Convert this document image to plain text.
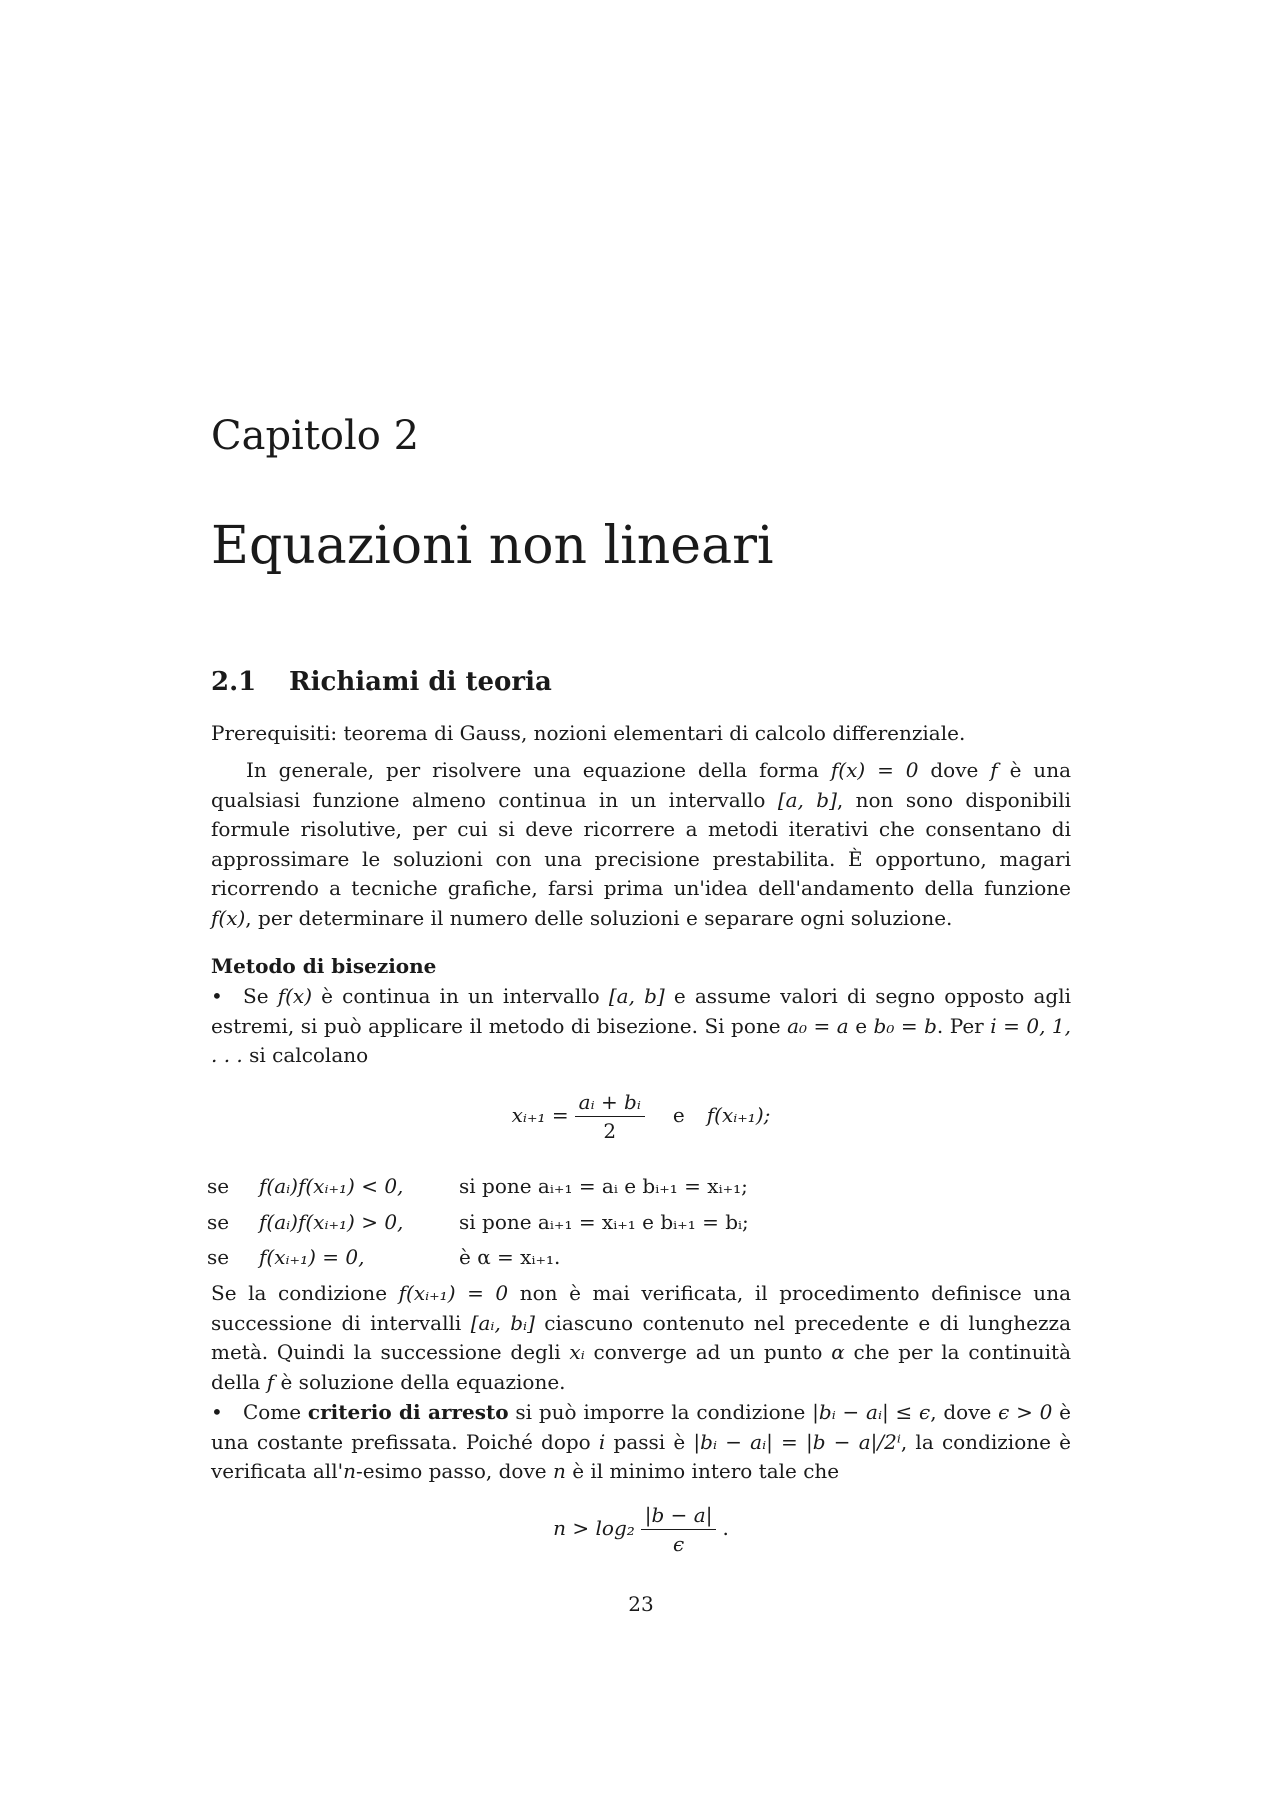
Capitolo 2
Equazioni non lineari
2.1 Richiami di teoria
Prerequisiti: teorema di Gauss, nozioni elementari di calcolo differenziale.
In generale, per risolvere una equazione della forma f(x) = 0 dove f è una qualsiasi funzione almeno continua in un intervallo [a, b], non sono disponibili formule risolutive, per cui si deve ricorrere a metodi iterativi che consentano di approssimare le soluzioni con una precisione prestabilita. È opportuno, magari ricorrendo a tecniche grafiche, farsi prima un'idea dell'andamento della funzione f(x), per determinare il numero delle soluzioni e separare ogni soluzione.
Metodo di bisezione
• Se f(x) è continua in un intervallo [a, b] e assume valori di segno opposto agli estremi, si può applicare il metodo di bisezione. Si pone a₀ = a e b₀ = b. Per i = 0, 1, . . . si calcolano
xᵢ₊₁ = $\frac{\text{aᵢ + bᵢ}}{2}$ e f(xᵢ₊₁);
se f(aᵢ)f(xᵢ₊₁) < 0,	si pone aᵢ₊₁ = aᵢ e bᵢ₊₁ = xᵢ₊₁;
se f(aᵢ)f(xᵢ₊₁) > 0,	si pone aᵢ₊₁ = xᵢ₊₁ e bᵢ₊₁ = bᵢ;
se f(xᵢ₊₁) = 0,	è α = xᵢ₊₁.
Se la condizione f(xᵢ₊₁) = 0 non è mai verificata, il procedimento definisce una successione di intervalli [aᵢ, bᵢ] ciascuno contenuto nel precedente e di lunghezza metà. Quindi la successione degli xᵢ converge ad un punto α che per la continuità della f è soluzione della equazione.
• Come criterio di arresto si può imporre la condizione |bᵢ − aᵢ| ≤ ϵ, dove ϵ > 0 è una costante prefissata. Poiché dopo i passi è |bᵢ − aᵢ| = |b − a|/2ⁱ, la condizione è verificata all'n-esimo passo, dove n è il minimo intero tale che
$n > \log_2 \frac{|b - a|}{\epsilon}$ .
23
